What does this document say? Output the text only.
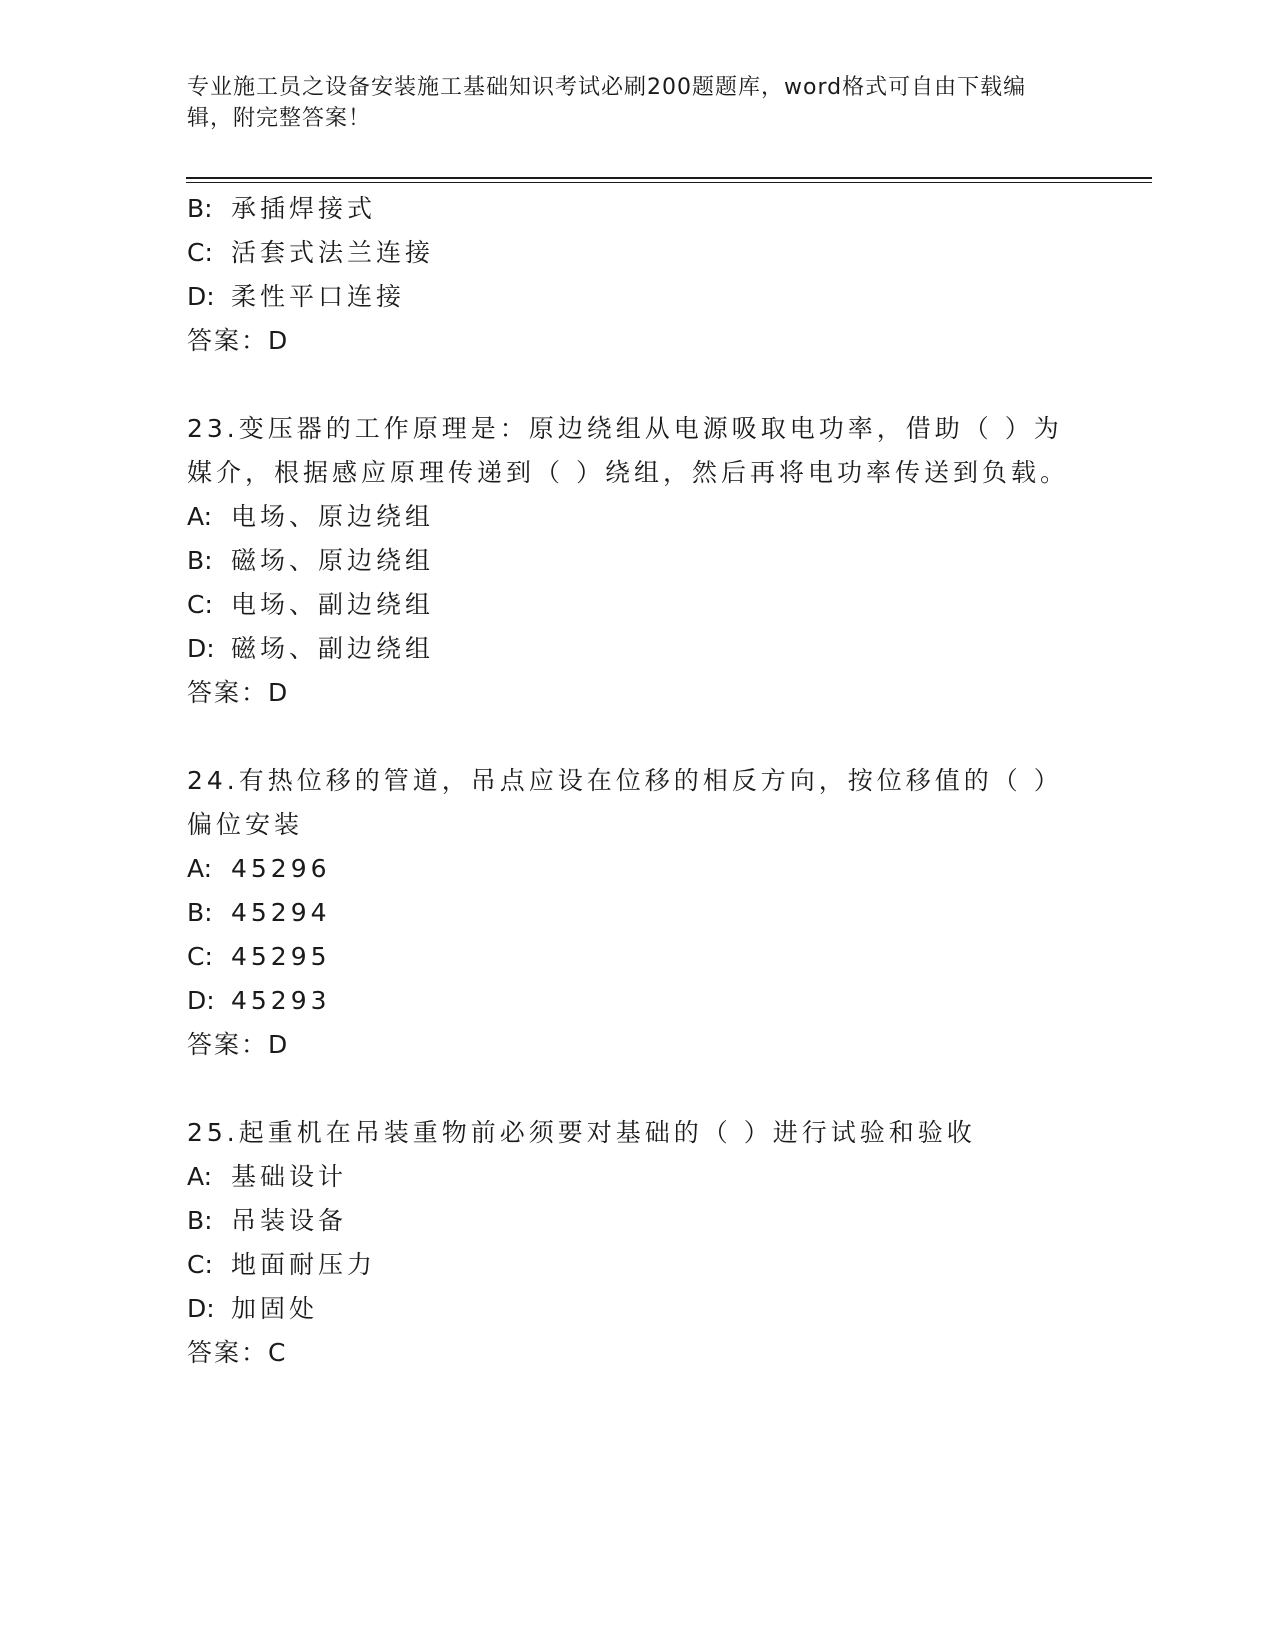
专业施工员之设备安装施工基础知识考试必刷200题题库，word格式可自由下载编辑，附完整答案！
B: 承插焊接式
C: 活套式法兰连接
D: 柔性平口连接
答案：D
23.变压器的工作原理是：原边绕组从电源吸取电功率，借助（ ）为
媒介，根据感应原理传递到（ ）绕组，然后再将电功率传送到负载。
A: 电场、原边绕组
B: 磁场、原边绕组
C: 电场、副边绕组
D: 磁场、副边绕组
答案：D
24.有热位移的管道，吊点应设在位移的相反方向，按位移值的（ ）
偏位安装
A: 45296
B: 45294
C: 45295
D: 45293
答案：D
25.起重机在吊装重物前必须要对基础的（ ）进行试验和验收
A: 基础设计
B: 吊装设备
C: 地面耐压力
D: 加固处
答案：C
